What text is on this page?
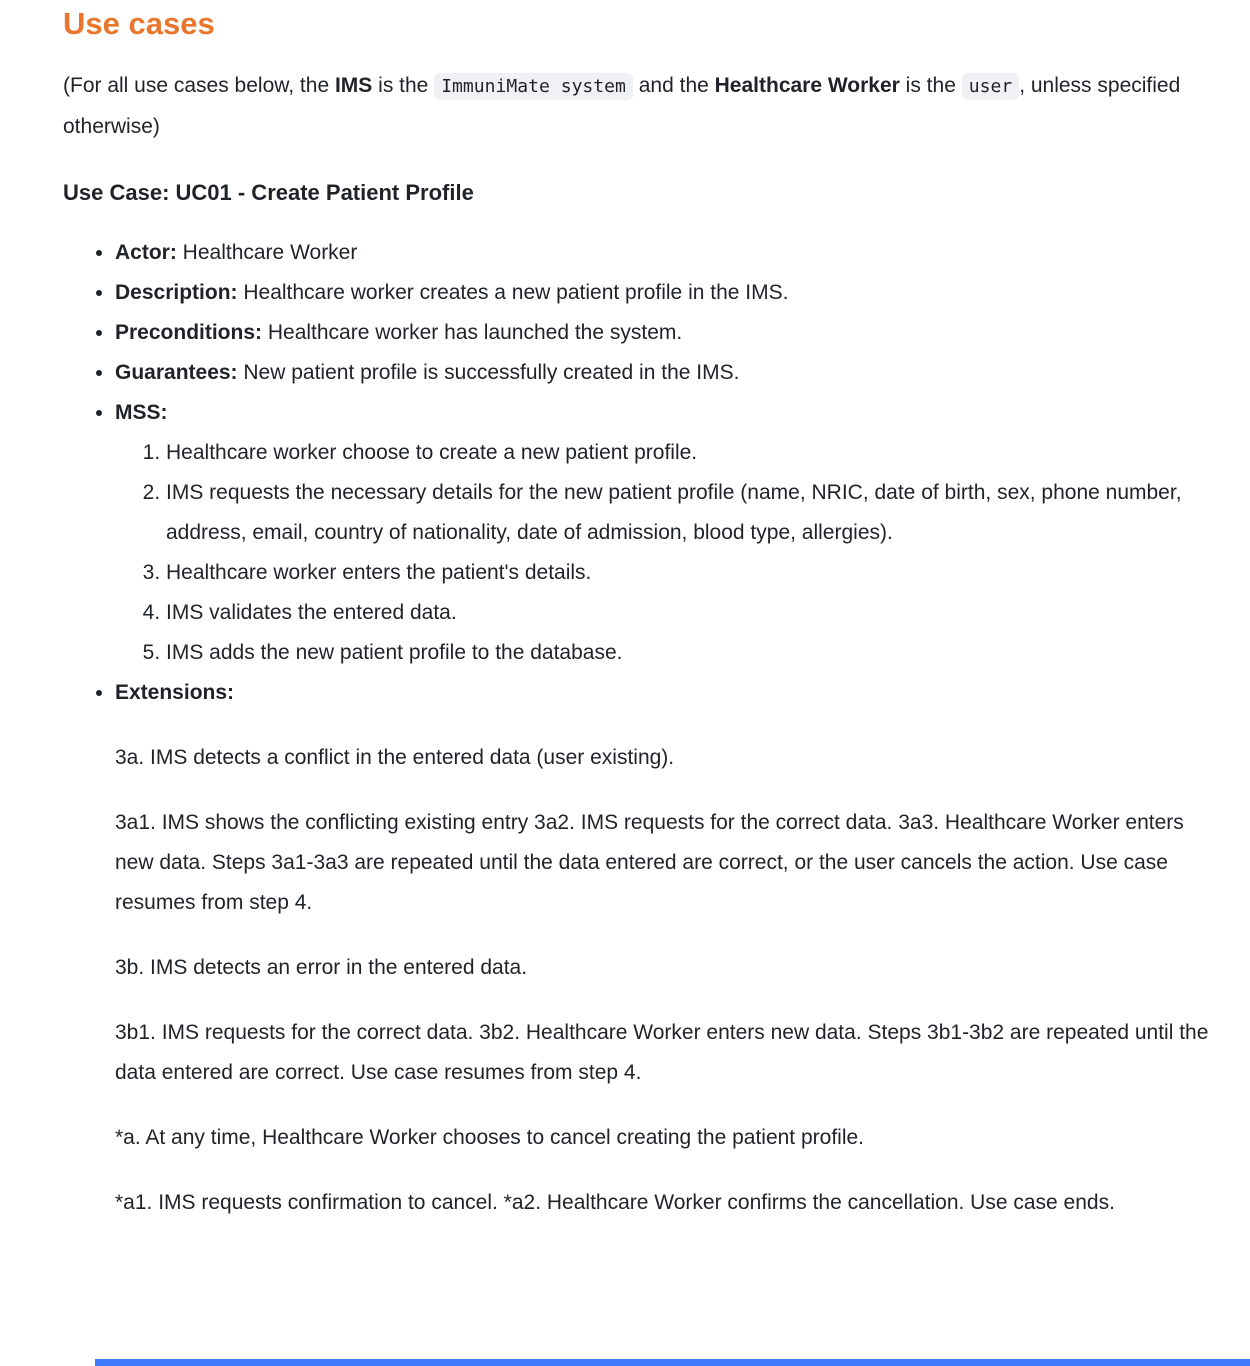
Use cases

(For all use cases below, the IMS is the ImmuniMate system and the Healthcare Worker is the user , unless specified otherwise)

Use Case: UC01 - Create Patient Profile
• Actor: Healthcare Worker
• Description: Healthcare worker creates a new patient profile in the IMS.
• Preconditions: Healthcare worker has launched the system.
• Guarantees: New patient profile is successfully created in the IMS.
• MSS:
1. Healthcare worker choose to create a new patient profile.
2. IMS requests the necessary details for the new patient profile (name, NRIC, date of birth, sex, phone number, address, email, country of nationality, date of admission, blood type, allergies).
3. Healthcare worker enters the patient's details.
4. IMS validates the entered data.
5. IMS adds the new patient profile to the database.
• Extensions:

3a. IMS detects a conflict in the entered data (user existing).

3a1. IMS shows the conflicting existing entry 3a2. IMS requests for the correct data. 3a3. Healthcare Worker enters new data. Steps 3a1-3a3 are repeated until the data entered are correct, or the user cancels the action. Use case resumes from step 4.

3b. IMS detects an error in the entered data.

3b1. IMS requests for the correct data. 3b2. Healthcare Worker enters new data. Steps 3b1-3b2 are repeated until the data entered are correct. Use case resumes from step 4.

*a. At any time, Healthcare Worker chooses to cancel creating the patient profile.

*a1. IMS requests confirmation to cancel. *a2. Healthcare Worker confirms the cancellation. Use case ends.
